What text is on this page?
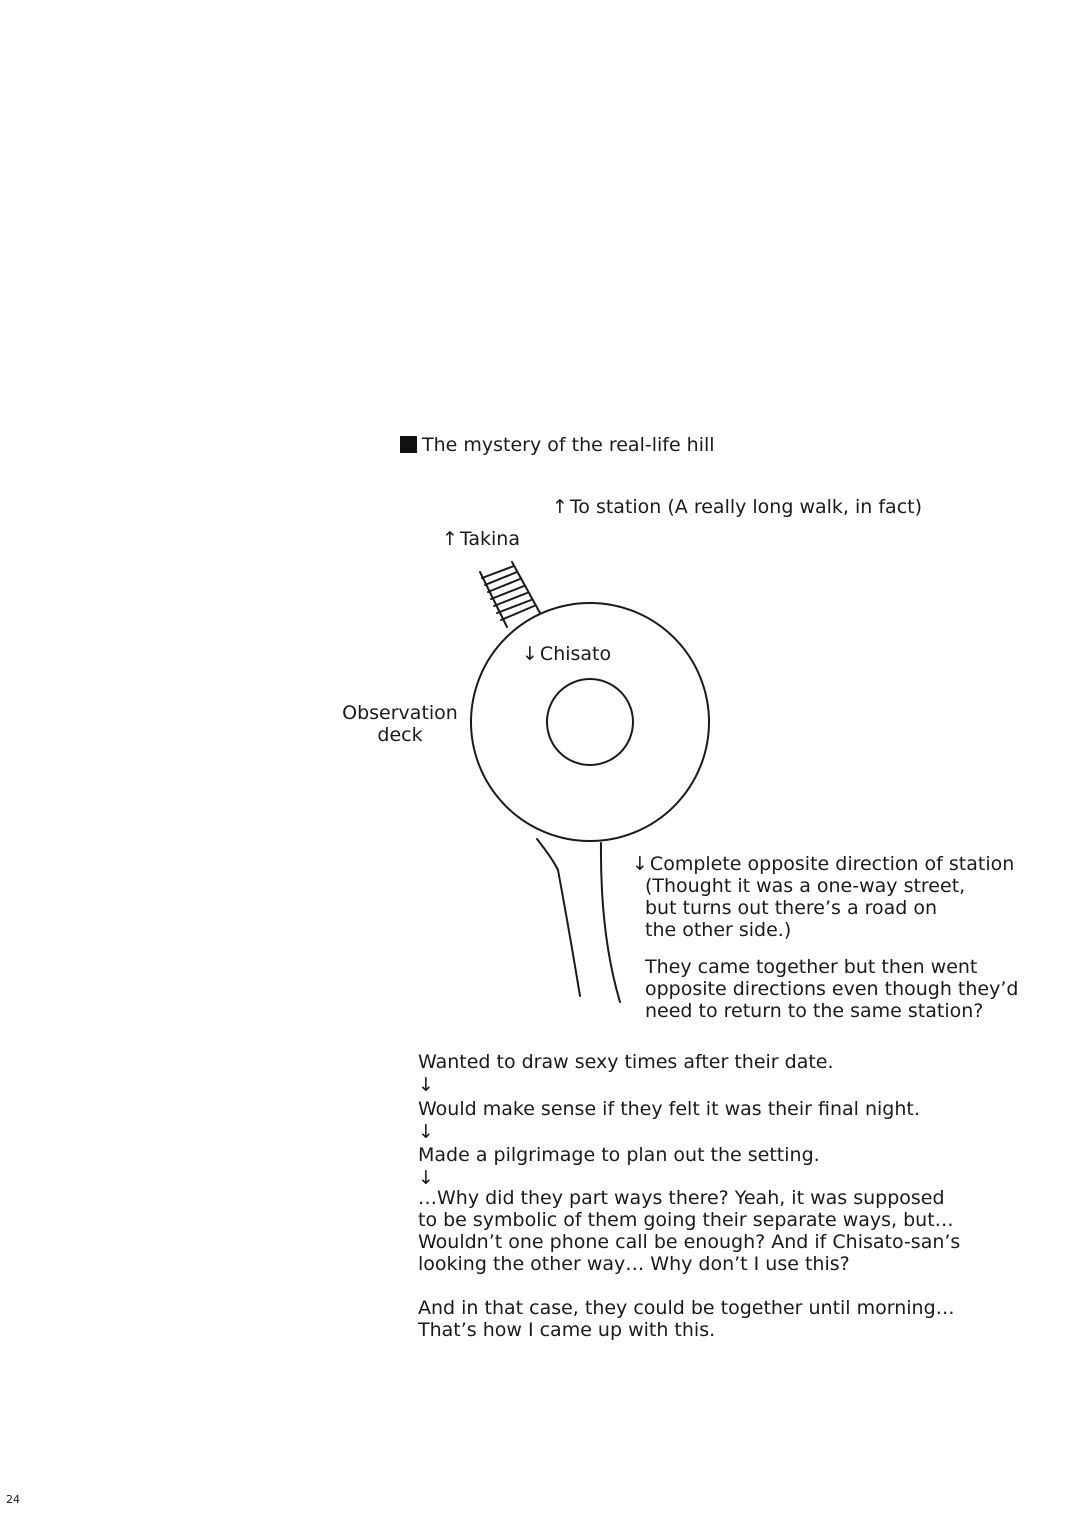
The mystery of the real-life hill
↑ To station (A really long walk, in fact)
↑ Takina
↓ Chisato
Observation
deck
↓ Complete opposite direction of station
(Thought it was a one-way street,
but turns out there’s a road on
the other side.)
They came together but then went
opposite directions even though they’d
need to return to the same station?
Wanted to draw sexy times after their date.
↓
Would make sense if they felt it was their final night.
↓
Made a pilgrimage to plan out the setting.
↓
…Why did they part ways there? Yeah, it was supposed
to be symbolic of them going their separate ways, but…
Wouldn’t one phone call be enough? And if Chisato-san’s
looking the other way… Why don’t I use this?
And in that case, they could be together until morning…
That’s how I came up with this.
24
